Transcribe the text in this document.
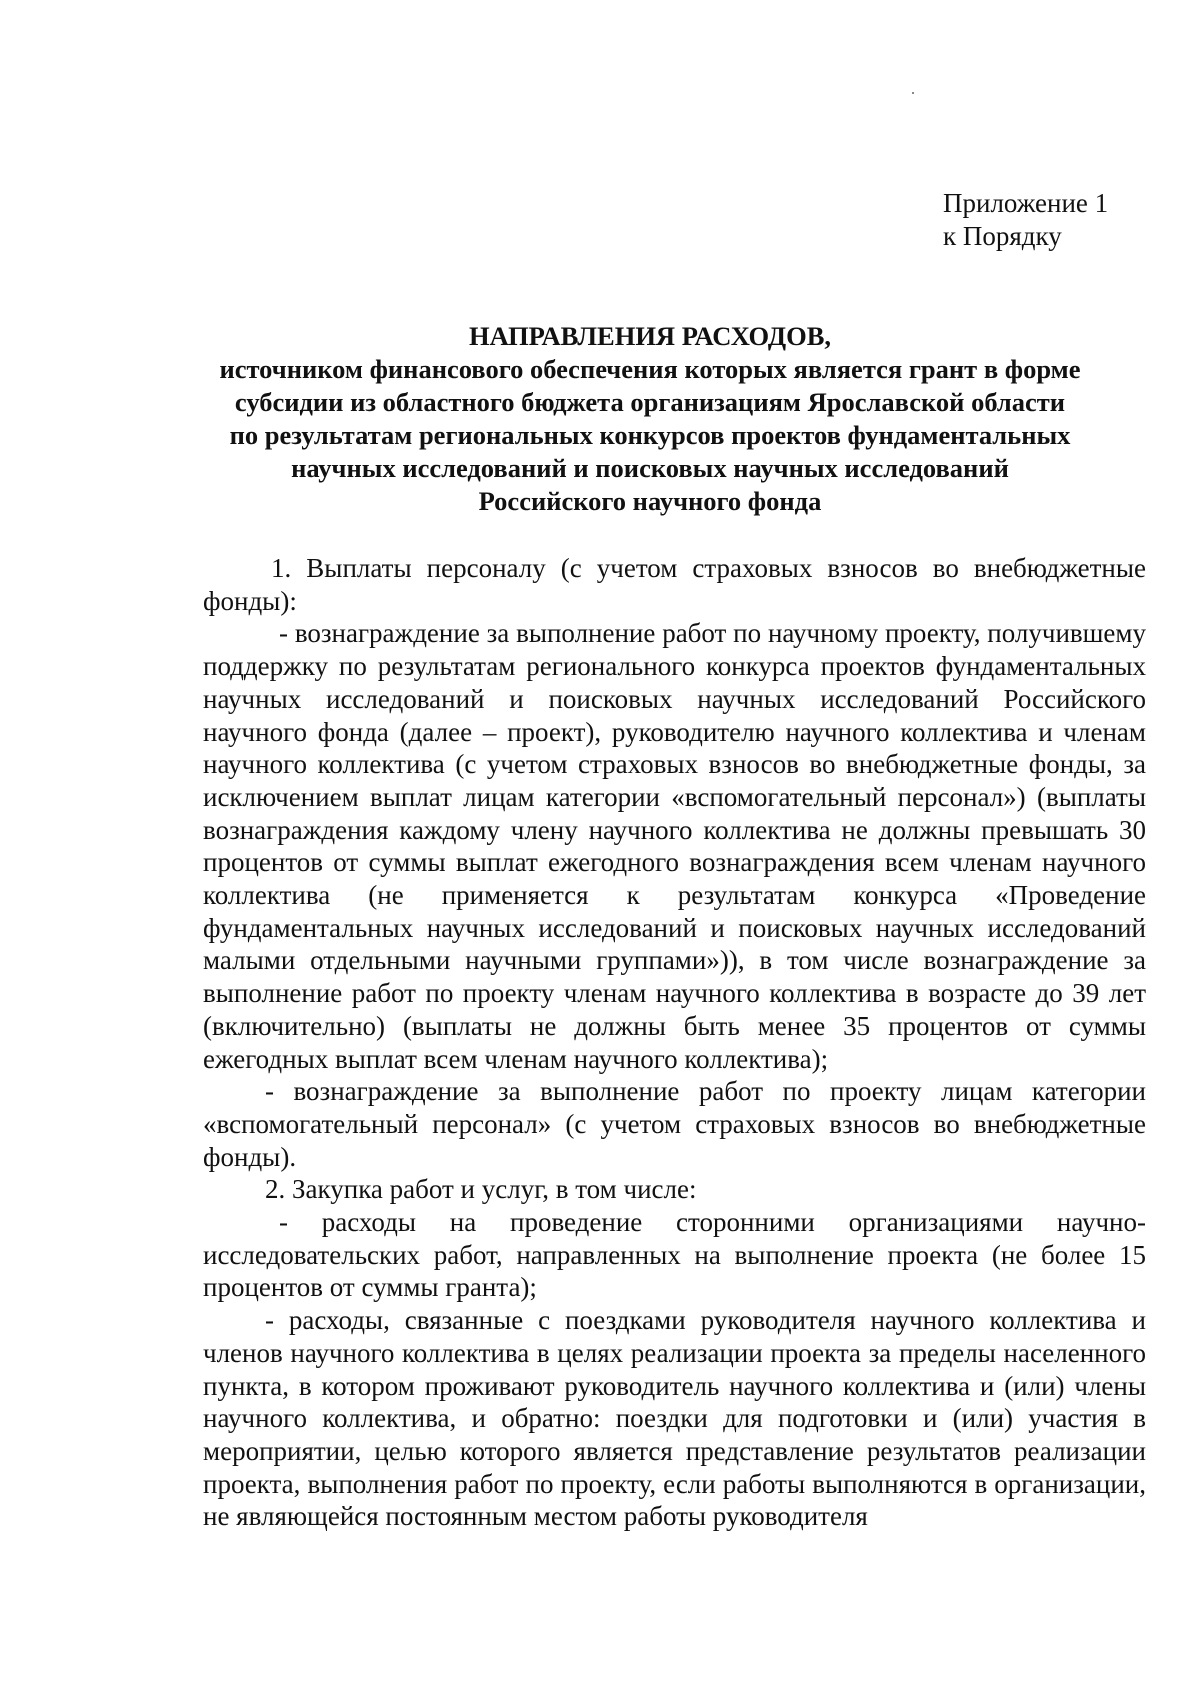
Приложение 1
к Порядку
НАПРАВЛЕНИЯ РАСХОДОВ,
источником финансового обеспечения которых является грант в форме
субсидии из областного бюджета организациям Ярославской области
по результатам региональных конкурсов проектов фундаментальных
научных исследований и поисковых научных исследований
Российского научного фонда

1. Выплаты персоналу (с учетом страховых взносов во внебюджетные фонды):

- вознаграждение за выполнение работ по научному проекту, получившему поддержку по результатам регионального конкурса проектов фундаментальных научных исследований и поисковых научных исследований Российского научного фонда (далее – проект), руководителю научного коллектива и членам научного коллектива (с учетом страховых взносов во внебюджетные фонды, за исключением выплат лицам категории «вспомогательный персонал») (выплаты вознаграждения каждому члену научного коллектива не должны превышать 30 процентов от суммы выплат ежегодного вознаграждения всем членам научного коллектива (не применяется к результатам конкурса «Проведение фундаментальных научных исследований и поисковых научных исследований малыми отдельными научными группами»)), в том числе вознаграждение за выполнение работ по проекту членам научного коллектива в возрасте до 39 лет (включительно) (выплаты не должны быть менее 35 процентов от суммы ежегодных выплат всем членам научного коллектива);

- вознаграждение за выполнение работ по проекту лицам категории «вспомогательный персонал» (с учетом страховых взносов во внебюджетные фонды).

2. Закупка работ и услуг, в том числе:

- расходы на проведение сторонними организациями научно-исследовательских работ, направленных на выполнение проекта (не более 15 процентов от суммы гранта);

- расходы, связанные с поездками руководителя научного коллектива и членов научного коллектива в целях реализации проекта за пределы населенного пункта, в котором проживают руководитель научного коллектива и (или) члены научного коллектива, и обратно: поездки для подготовки и (или) участия в мероприятии, целью которого является представление результатов реализации проекта, выполнения работ по проекту, если работы выполняются в организации, не являющейся постоянным местом работы руководителя
